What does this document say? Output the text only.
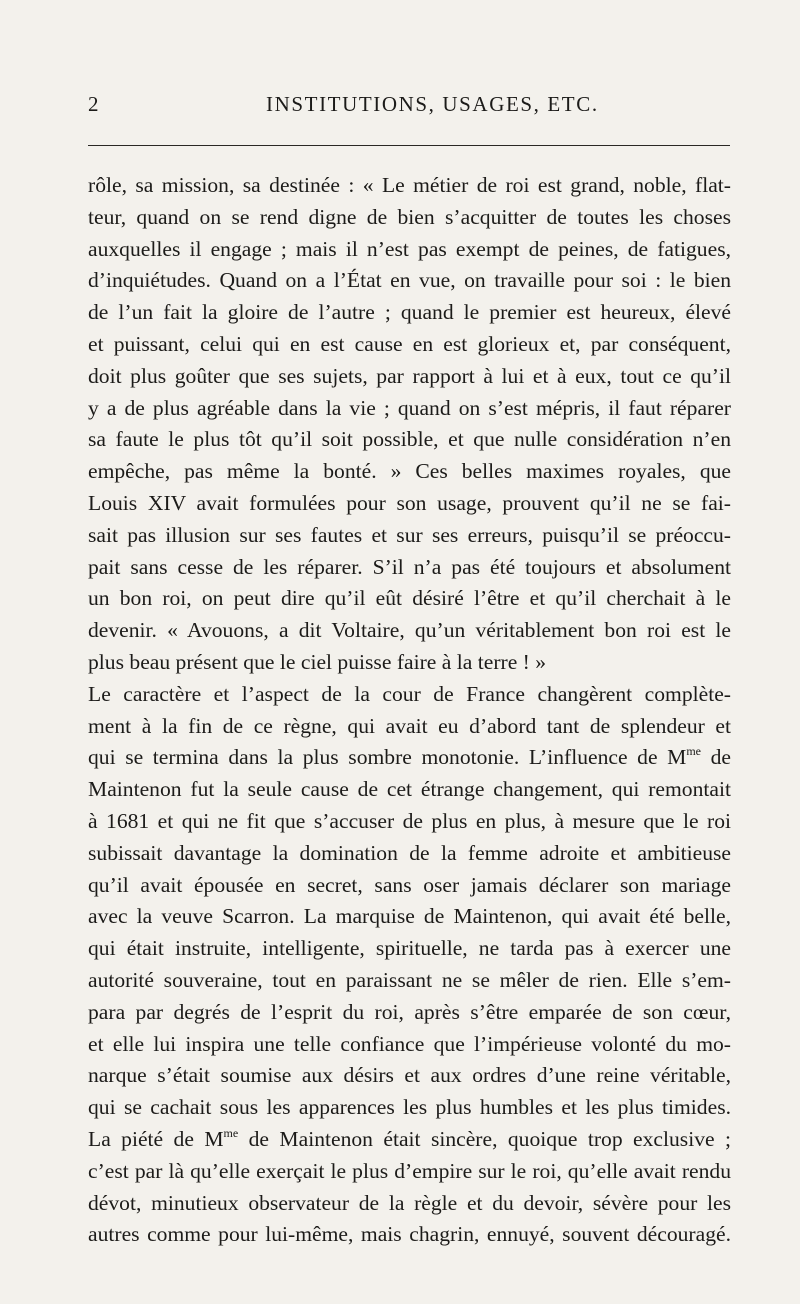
2	INSTITUTIONS, USAGES, ETC.
rôle, sa mission, sa destinée : « Le métier de roi est grand, noble, flat-
teur, quand on se rend digne de bien s’acquitter de toutes les choses
auxquelles il engage ; mais il n’est pas exempt de peines, de fatigues,
d’inquiétudes. Quand on a l’État en vue, on travaille pour soi : le bien
de l’un fait la gloire de l’autre ; quand le premier est heureux, élevé
et puissant, celui qui en est cause en est glorieux et, par conséquent,
doit plus goûter que ses sujets, par rapport à lui et à eux, tout ce qu’il
y a de plus agréable dans la vie ; quand on s’est mépris, il faut réparer
sa faute le plus tôt qu’il soit possible, et que nulle considération n’en
empêche, pas même la bonté. » Ces belles maximes royales, que
Louis XIV avait formulées pour son usage, prouvent qu’il ne se fai-
sait pas illusion sur ses fautes et sur ses erreurs, puisqu’il se préoccu-
pait sans cesse de les réparer. S’il n’a pas été toujours et absolument
un bon roi, on peut dire qu’il eût désiré l’être et qu’il cherchait à le
devenir. « Avouons, a dit Voltaire, qu’un véritablement bon roi est le
plus beau présent que le ciel puisse faire à la terre ! »
Le caractère et l’aspect de la cour de France changèrent complète-
ment à la fin de ce règne, qui avait eu d’abord tant de splendeur et
qui se termina dans la plus sombre monotonie. L’influence de $M^{me}$ de
Maintenon fut la seule cause de cet étrange changement, qui remontait
à 1681 et qui ne fit que s’accuser de plus en plus, à mesure que le roi
subissait davantage la domination de la femme adroite et ambitieuse
qu’il avait épousée en secret, sans oser jamais déclarer son mariage
avec la veuve Scarron. La marquise de Maintenon, qui avait été belle,
qui était instruite, intelligente, spirituelle, ne tarda pas à exercer une
autorité souveraine, tout en paraissant ne se mêler de rien. Elle s’em-
para par degrés de l’esprit du roi, après s’être emparée de son cœur,
et elle lui inspira une telle confiance que l’impérieuse volonté du mo-
narque s’était soumise aux désirs et aux ordres d’une reine véritable,
qui se cachait sous les apparences les plus humbles et les plus timides.
La piété de $M^{me}$ de Maintenon était sincère, quoique trop exclusive ;
c’est par là qu’elle exerçait le plus d’empire sur le roi, qu’elle avait rendu
dévot, minutieux observateur de la règle et du devoir, sévère pour les
autres comme pour lui-même, mais chagrin, ennuyé, souvent découragé.
